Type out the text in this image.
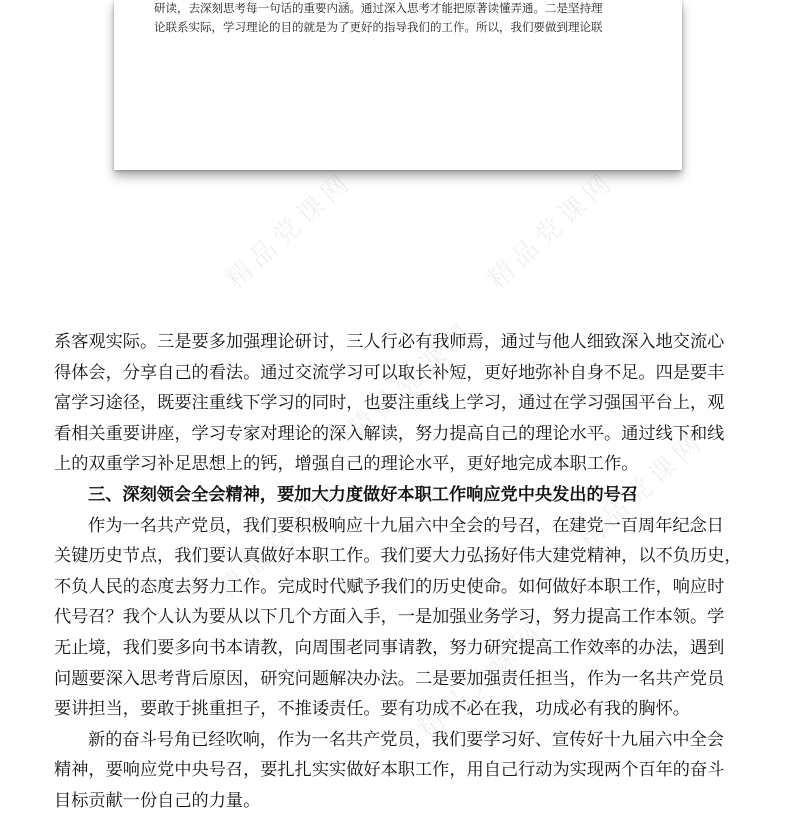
研读，去深刻思考每一句话的重要内涵。通过深入思考才能把原著读懂弄通。二是坚持理
论联系实际，学习理论的目的就是为了更好的指导我们的工作。所以，我们要做到理论联
精品党课网	精品党课网
精品党课网
精品党课网
精品党课网
精品党课网
系客观实际。三是要多加强理论研讨，三人行必有我师焉，通过与他人细致深入地交流心
得体会，分享自己的看法。通过交流学习可以取长补短，更好地弥补自身不足。四是要丰
富学习途径，既要注重线下学习的同时，也要注重线上学习，通过在学习强国平台上，观
看相关重要讲座，学习专家对理论的深入解读，努力提高自己的理论水平。通过线下和线
上的双重学习补足思想上的钙，增强自己的理论水平，更好地完成本职工作。
三、深刻领会全会精神，要加大力度做好本职工作响应党中央发出的号召
作为一名共产党员，我们要积极响应十九届六中全会的号召，在建党一百周年纪念日
关键历史节点，我们要认真做好本职工作。我们要大力弘扬好伟大建党精神，以不负历史，
不负人民的态度去努力工作。完成时代赋予我们的历史使命。如何做好本职工作，响应时
代号召？我个人认为要从以下几个方面入手，一是加强业务学习，努力提高工作本领。学
无止境，我们要多向书本请教，向周围老同事请教，努力研究提高工作效率的办法，遇到
问题要深入思考背后原因，研究问题解决办法。二是要加强责任担当，作为一名共产党员
要讲担当，要敢于挑重担子，不推诿责任。要有功成不必在我，功成必有我的胸怀。
新的奋斗号角已经吹响，作为一名共产党员，我们要学习好、宣传好十九届六中全会
精神，要响应党中央号召，要扎扎实实做好本职工作，用自己行动为实现两个百年的奋斗
目标贡献一份自己的力量。
